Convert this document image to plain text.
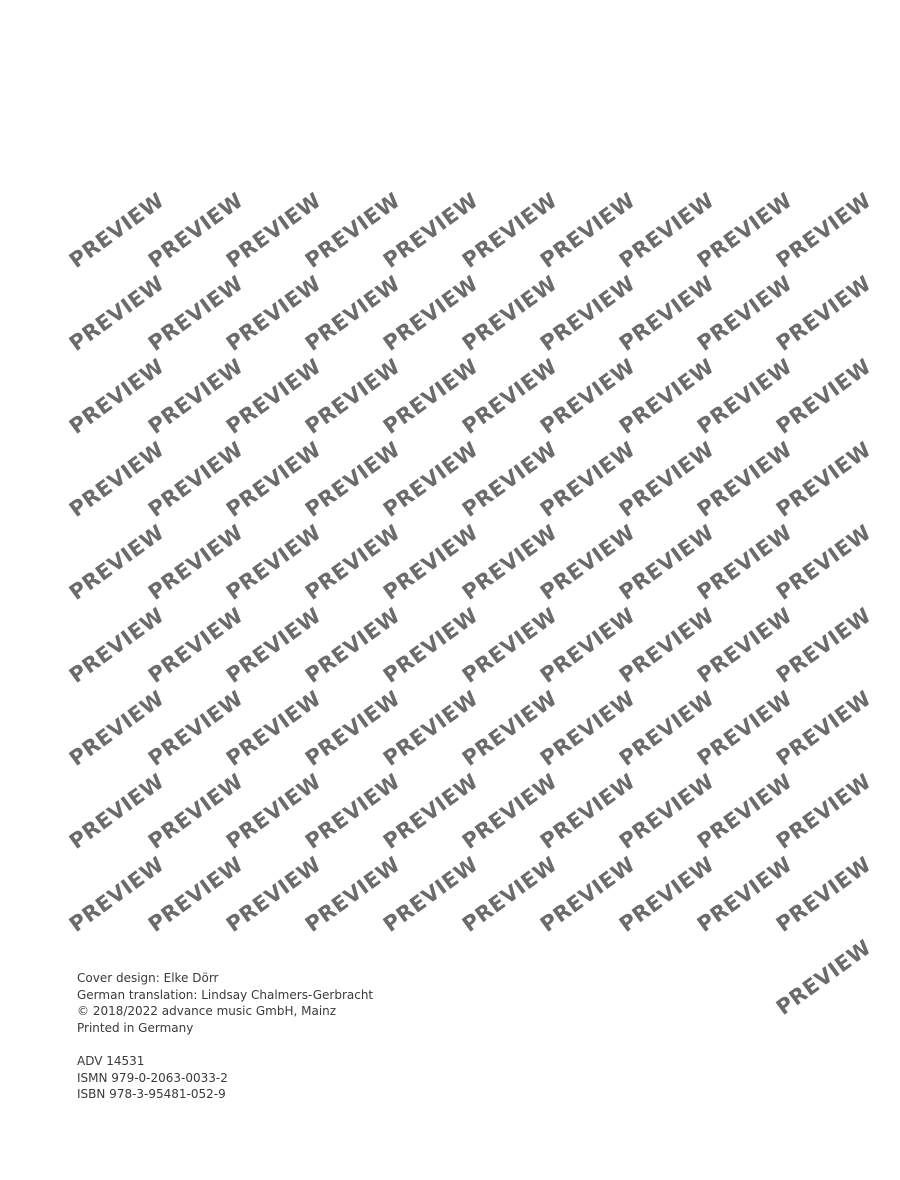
PREVIEW
PREVIEW
PREVIEW
PREVIEW
PREVIEW
PREVIEW
PREVIEW
PREVIEW
PREVIEW
PREVIEW
PREVIEW
PREVIEW
PREVIEW
PREVIEW
PREVIEW
PREVIEW
PREVIEW
PREVIEW
PREVIEW
PREVIEW
PREVIEW
PREVIEW
PREVIEW
PREVIEW
PREVIEW
PREVIEW
PREVIEW
PREVIEW
PREVIEW
PREVIEW
PREVIEW
PREVIEW
PREVIEW
PREVIEW
PREVIEW
PREVIEW
PREVIEW
PREVIEW
PREVIEW
PREVIEW
PREVIEW
PREVIEW
PREVIEW
PREVIEW
PREVIEW
PREVIEW
PREVIEW
PREVIEW
PREVIEW
PREVIEW
PREVIEW
PREVIEW
PREVIEW
PREVIEW
PREVIEW
PREVIEW
PREVIEW
PREVIEW
PREVIEW
PREVIEW
PREVIEW
PREVIEW
PREVIEW
PREVIEW
PREVIEW
PREVIEW
PREVIEW
PREVIEW
PREVIEW
PREVIEW
PREVIEW
PREVIEW
PREVIEW
PREVIEW
PREVIEW
PREVIEW
PREVIEW
PREVIEW
PREVIEW
PREVIEW
PREVIEW
PREVIEW
PREVIEW
PREVIEW
PREVIEW
PREVIEW
PREVIEW
PREVIEW
PREVIEW
PREVIEW
PREVIEW
Cover design: Elke Dörr
German translation: Lindsay Chalmers-Gerbracht
© 2018/2022 advance music GmbH, Mainz
Printed in Germany
ADV 14531
ISMN 979-0-2063-0033-2
ISBN 978-3-95481-052-9
